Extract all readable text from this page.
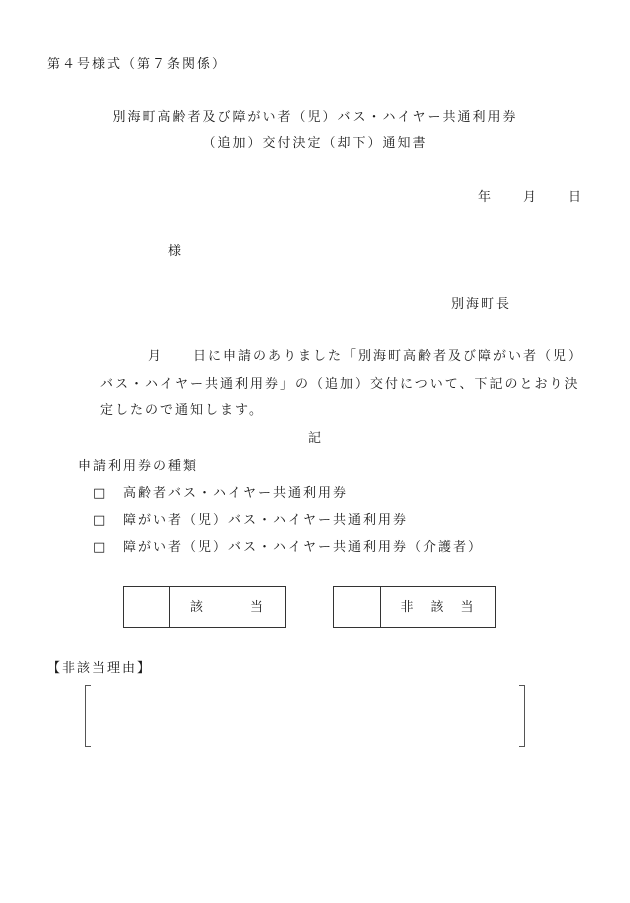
第４号様式（第７条関係）
別海町高齢者及び障がい者（児）バス・ハイヤー共通利用券
（追加）交付決定（却下）通知書
年　　月　　日
様
別海町長
月　　日に申請のありました「別海町高齢者及び障がい者（児）
バス・ハイヤー共通利用券」の（追加）交付について、下記のとおり決
定したので通知します。
記
申請利用券の種類
□ 高齢者バス・ハイヤー共通利用券
□ 障がい者（児）バス・ハイヤー共通利用券
□ 障がい者（児）バス・ハイヤー共通利用券（介護者）
該　　　当	非　該　当
【非該当理由】
